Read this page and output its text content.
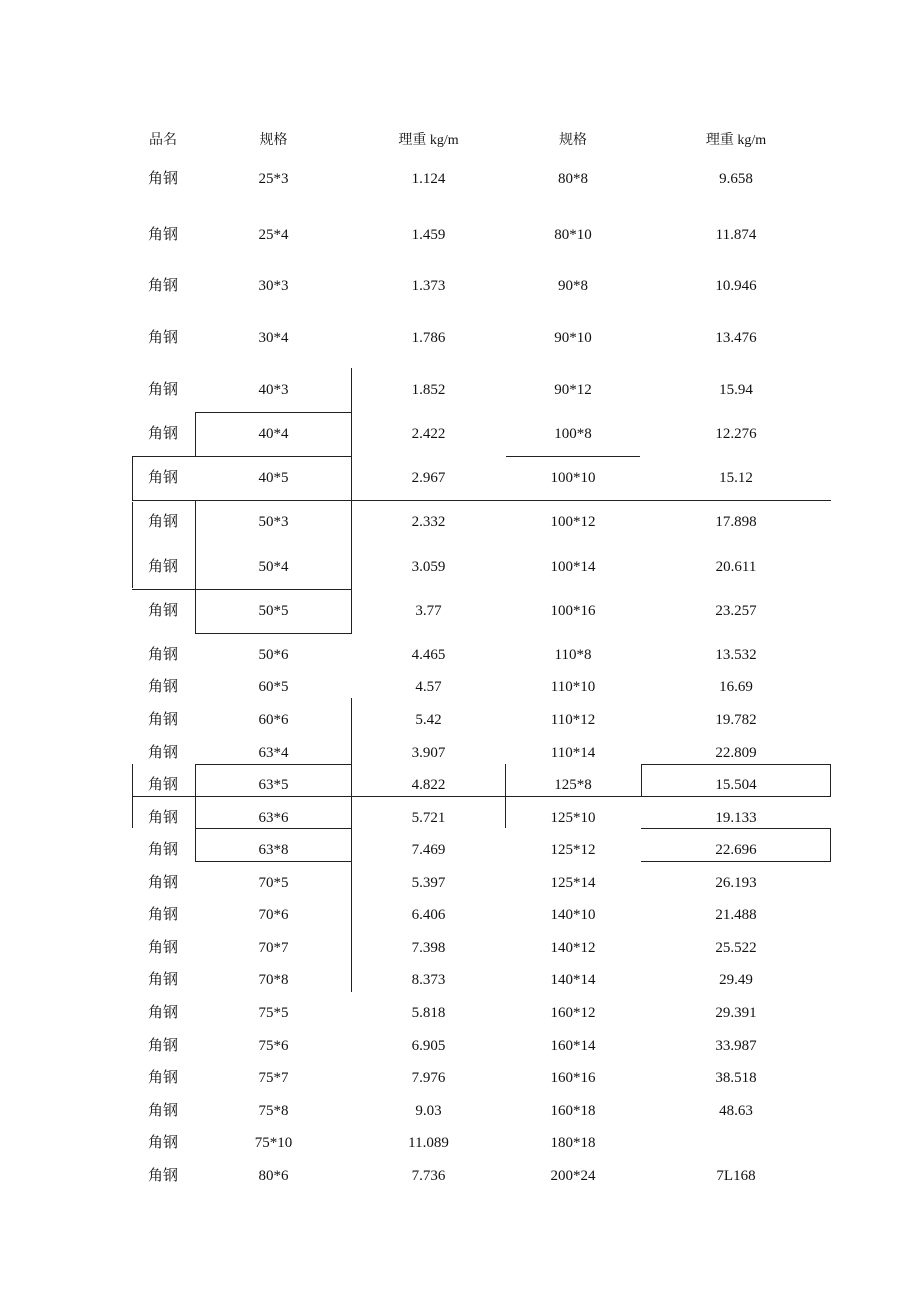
品名	规格	理重 kg/m	规格	理重 kg/m
角钢	25*3	1.124	80*8	9.658
角钢	25*4	1.459	80*10	11.874
角钢	30*3	1.373	90*8	10.946
角钢	30*4	1.786	90*10	13.476
角钢	40*3	1.852	90*12	15.94
角钢	40*4	2.422	100*8	12.276
角钢	40*5	2.967	100*10	15.12
角钢	50*3	2.332	100*12	17.898
角钢	50*4	3.059	100*14	20.611
角钢	50*5	3.77	100*16	23.257
角钢	50*6	4.465	110*8	13.532
角钢	60*5	4.57	110*10	16.69
角钢	60*6	5.42	110*12	19.782
角钢	63*4	3.907	110*14	22.809
角钢	63*5	4.822	125*8	15.504
角钢	63*6	5.721	125*10	19.133
角钢	63*8	7.469	125*12	22.696
角钢	70*5	5.397	125*14	26.193
角钢	70*6	6.406	140*10	21.488
角钢	70*7	7.398	140*12	25.522
角钢	70*8	8.373	140*14	29.49
角钢	75*5	5.818	160*12	29.391
角钢	75*6	6.905	160*14	33.987
角钢	75*7	7.976	160*16	38.518
角钢	75*8	9.03	160*18	48.63
角钢	75*10	11.089	180*18
角钢	80*6	7.736	200*24	7L168
